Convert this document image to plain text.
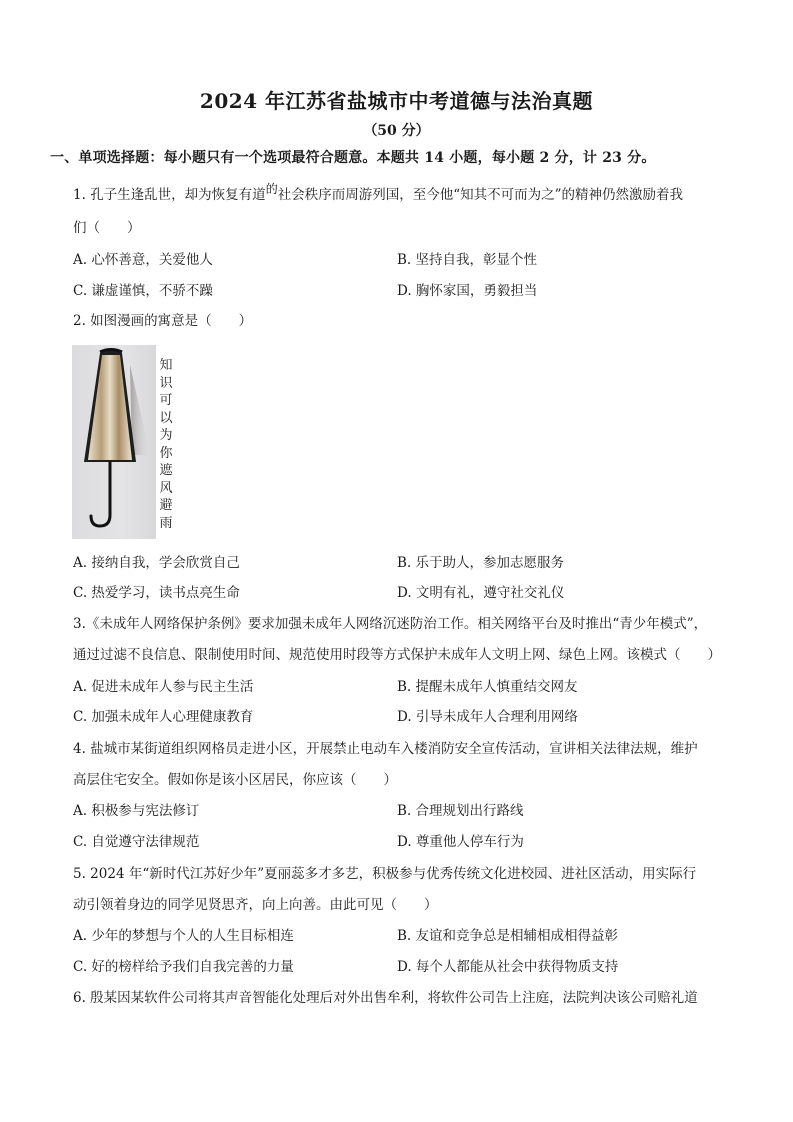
2024 年江苏省盐城市中考道德与法治真题
（50 分）
一、单项选择题：每小题只有一个选项最符合题意。本题共 14 小题，每小题 2 分，计 23 分。
1. 孔子生逢乱世，却为恢复有道的社会秩序而周游列国，至今他“知其不可而为之”的精神仍然激励着我
们（　　）
A. 心怀善意，关爱他人	B. 坚持自我，彰显个性
C. 谦虚谨慎，不骄不躁	D. 胸怀家国，勇毅担当
2. 如图漫画的寓意是（　　）
知识可以为你遮风避雨
A. 接纳自我，学会欣赏自己	B. 乐于助人，参加志愿服务
C. 热爱学习，读书点亮生命	D. 文明有礼，遵守社交礼仪
3.《未成年人网络保护条例》要求加强未成年人网络沉迷防治工作。相关网络平台及时推出“青少年模式”，
通过过滤不良信息、限制使用时间、规范使用时段等方式保护未成年人文明上网、绿色上网。该模式（　　）
A. 促进未成年人参与民主生活	B. 提醒未成年人慎重结交网友
C. 加强未成年人心理健康教育	D. 引导未成年人合理利用网络
4. 盐城市某街道组织网格员走进小区，开展禁止电动车入楼消防安全宣传活动，宣讲相关法律法规，维护
高层住宅安全。假如你是该小区居民，你应该（　　）
A. 积极参与宪法修订	B. 合理规划出行路线
C. 自觉遵守法律规范	D. 尊重他人停车行为
5. 2024 年“新时代江苏好少年”夏丽蕊多才多艺，积极参与优秀传统文化进校园、进社区活动，用实际行
动引领着身边的同学见贤思齐，向上向善。由此可见（　　）
A. 少年的梦想与个人的人生目标相连	B. 友谊和竞争总是相辅相成相得益彰
C. 好的榜样给予我们自我完善的力量	D. 每个人都能从社会中获得物质支持
6. 殷某因某软件公司将其声音智能化处理后对外出售牟利，将软件公司告上注庭，法院判决该公司赔礼道
